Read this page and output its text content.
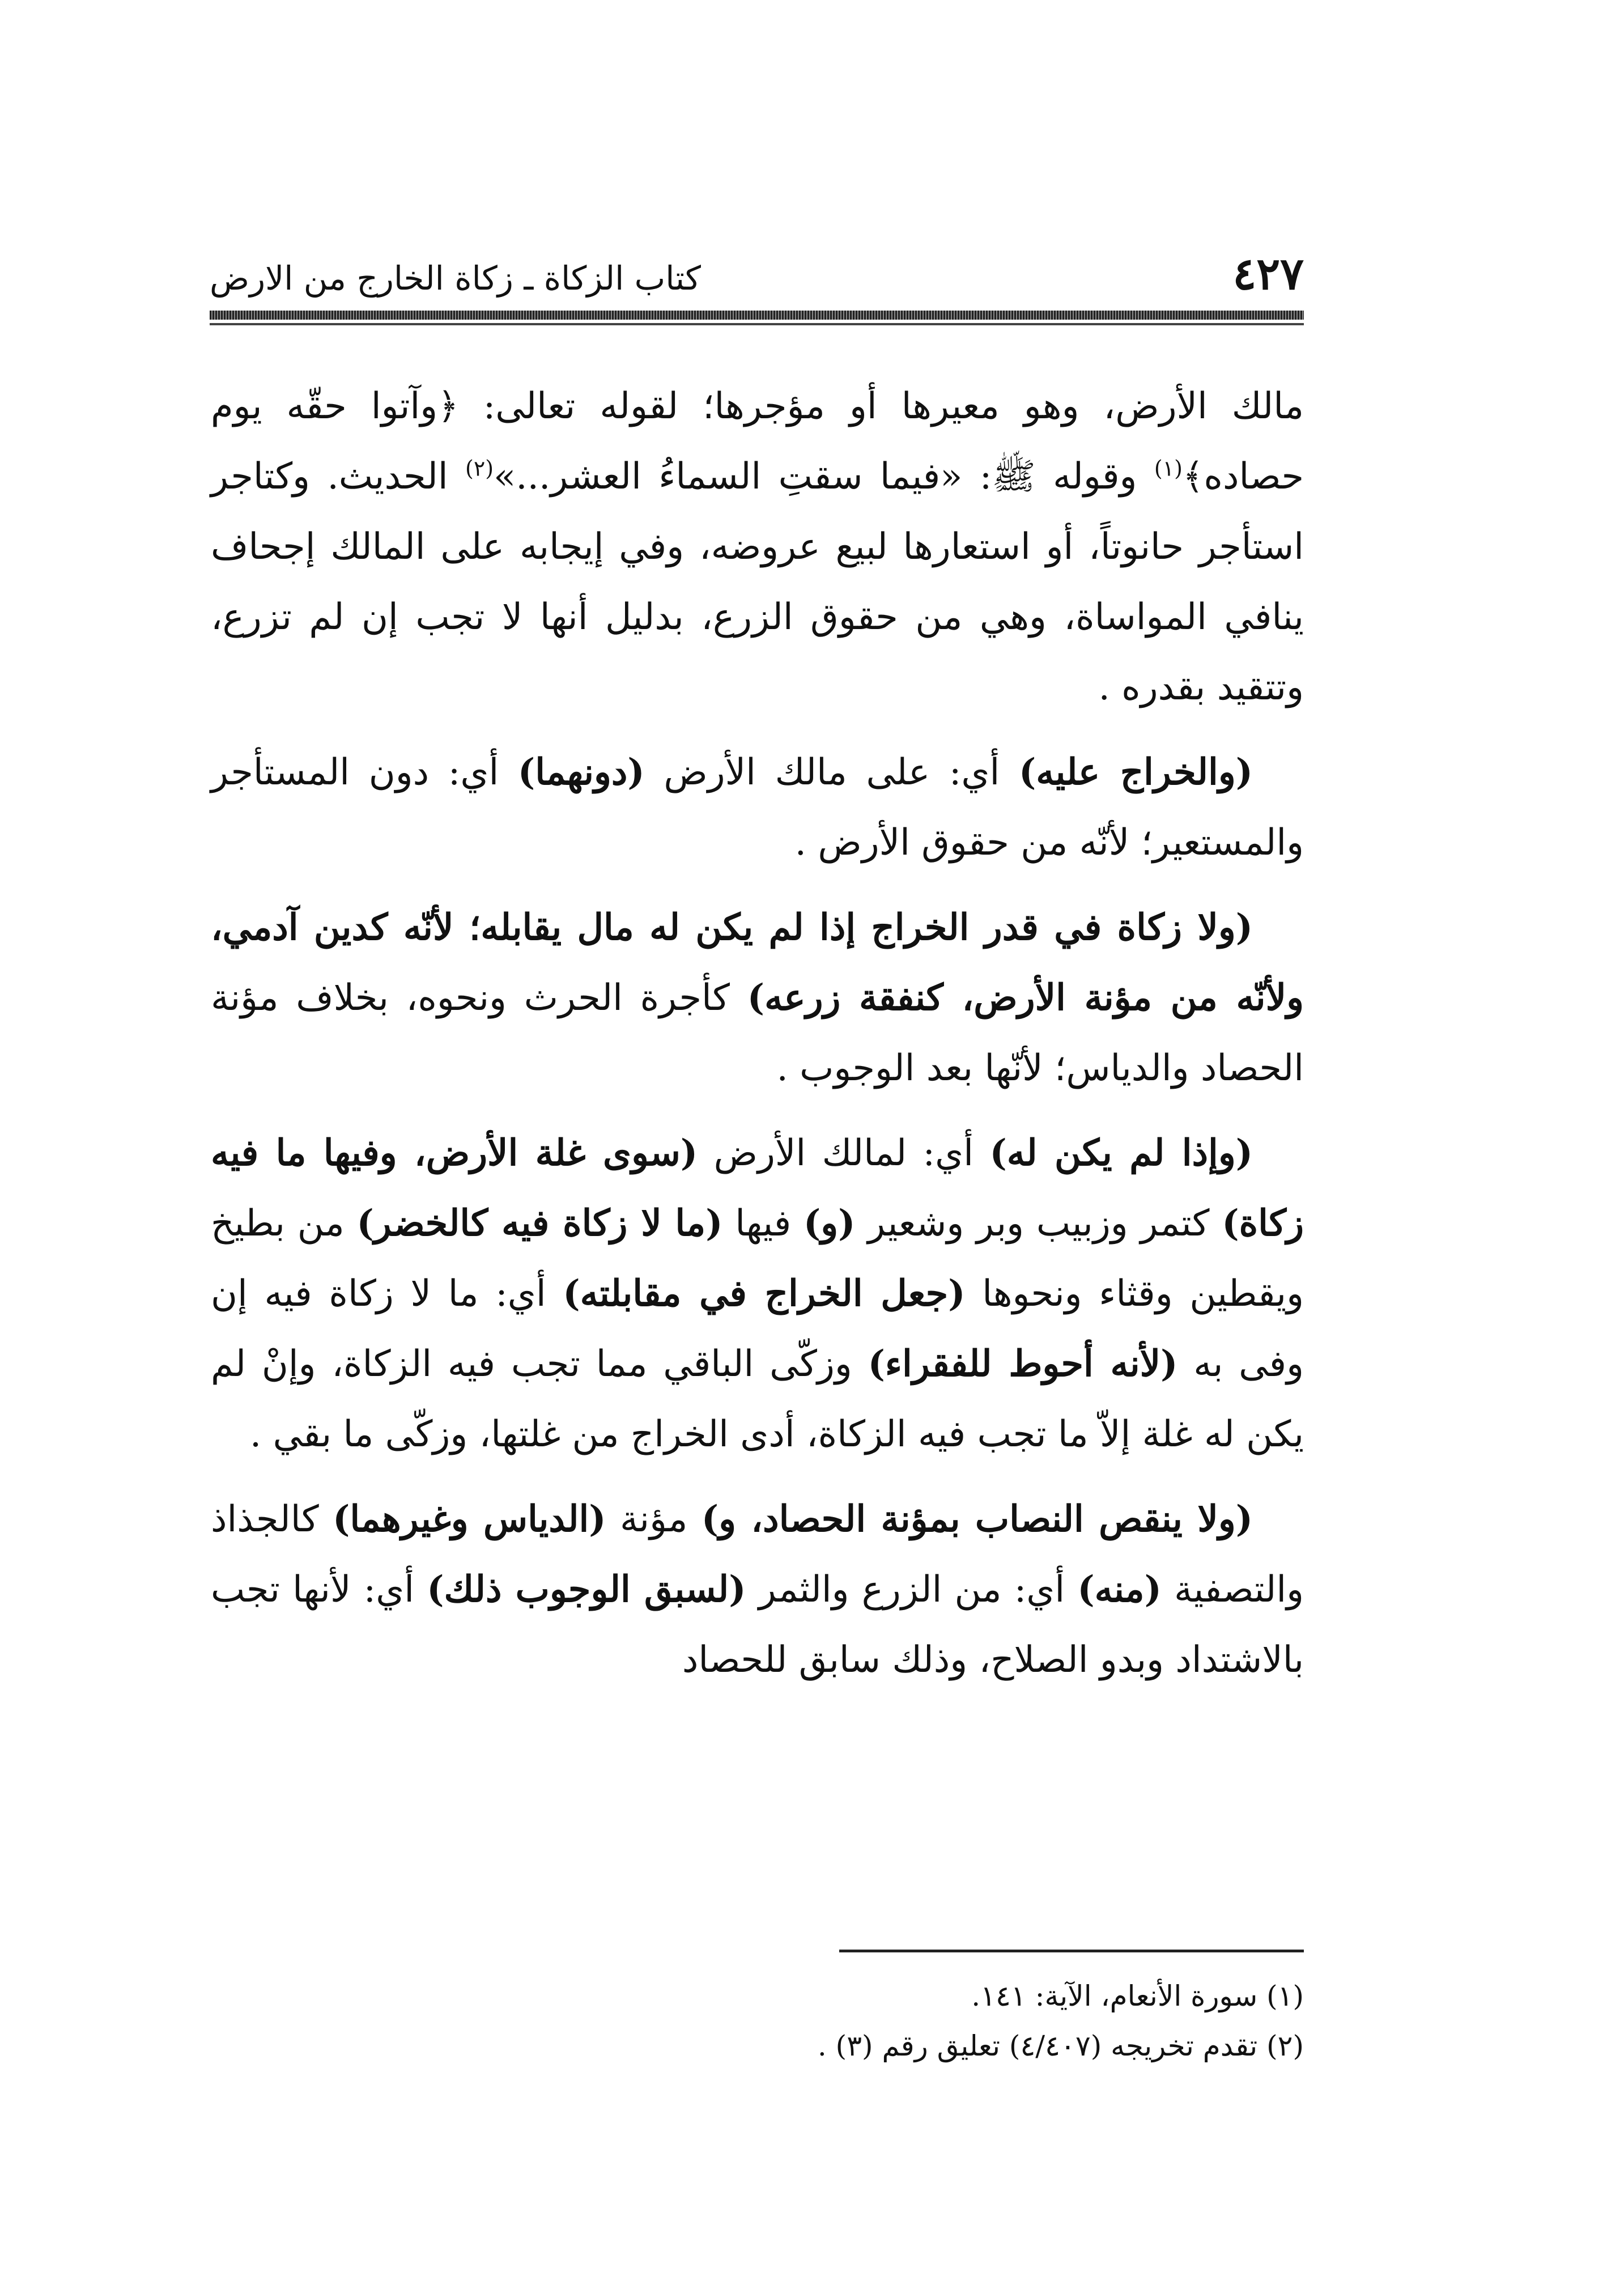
٤٢٧
كتاب الزكاة ـ زكاة الخارج من الارض

مالك الأرض، وهو معيرها أو مؤجرها؛ لقوله تعالى: ﴿وآتوا حقّه يوم حصاده﴾$^{(١)}$ وقوله ﷺ: «فيما سقتِ السماءُ العشر...»$^{(٢)}$ الحديث. وكتاجر استأجر حانوتاً، أو استعارها لبيع عروضه، وفي إيجابه على المالك إجحاف ينافي المواساة، وهي من حقوق الزرع، بدليل أنها لا تجب إن لم تزرع، وتتقيد بقدره .

(والخراج عليه) أي: على مالك الأرض (دونهما) أي: دون المستأجر والمستعير؛ لأنّه من حقوق الأرض .

(ولا زكاة في قدر الخراج إذا لم يكن له مال يقابله؛ لأنّه كدين آدمي، ولأنّه من مؤنة الأرض، كنفقة زرعه) كأجرة الحرث ونحوه، بخلاف مؤنة الحصاد والدياس؛ لأنّها بعد الوجوب .

(وإذا لم يكن له) أي: لمالك الأرض (سوى غلة الأرض، وفيها ما فيه زكاة) كتمر وزبيب وبر وشعير (و) فيها (ما لا زكاة فيه كالخضر) من بطيخ ويقطين وقثاء ونحوها (جعل الخراج في مقابلته) أي: ما لا زكاة فيه إن وفى به (لأنه أحوط للفقراء) وزكّى الباقي مما تجب فيه الزكاة، وإنْ لم يكن له غلة إلاّ ما تجب فيه الزكاة، أدى الخراج من غلتها، وزكّى ما بقي .

(ولا ينقص النصاب بمؤنة الحصاد، و) مؤنة (الدياس وغيرهما) كالجذاذ والتصفية (منه) أي: من الزرع والثمر (لسبق الوجوب ذلك) أي: لأنها تجب بالاشتداد وبدو الصلاح، وذلك سابق للحصاد

(١) سورة الأنعام، الآية: ١٤١.

(٢) تقدم تخريجه (٤/٤٠٧) تعليق رقم (٣) .
